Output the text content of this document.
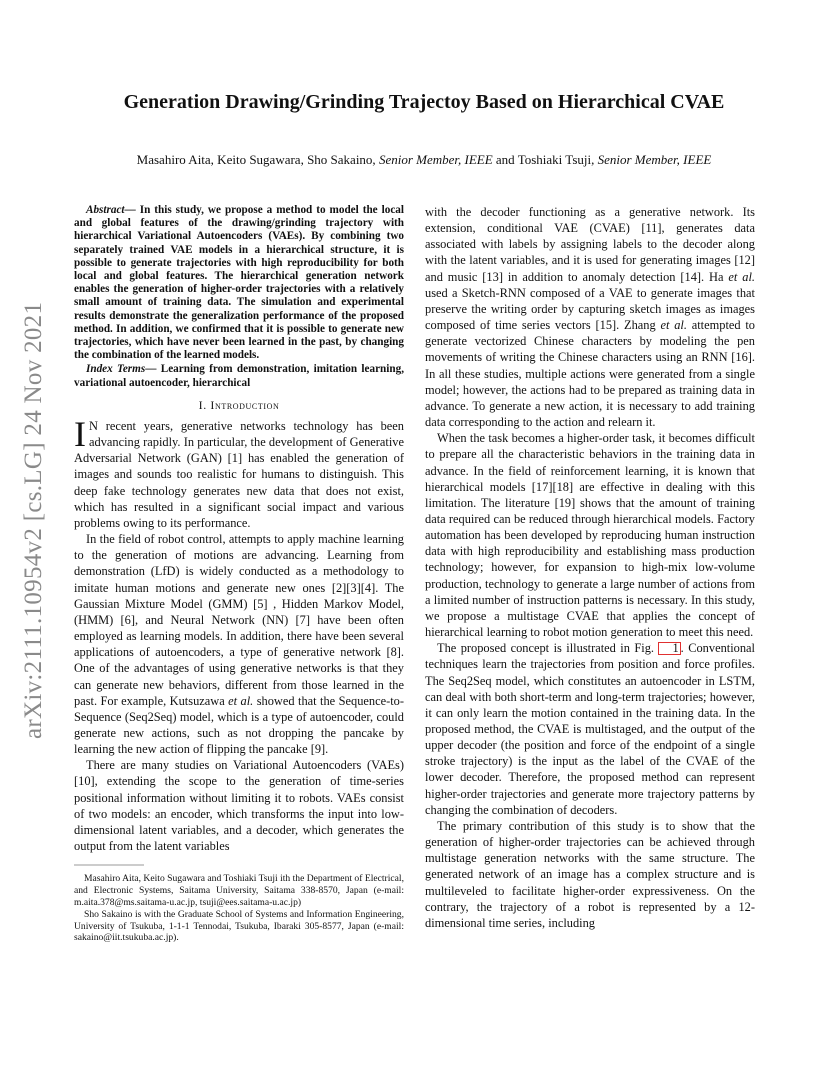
arXiv:2111.10954v2 [cs.LG] 24 Nov 2021
Generation Drawing/Grinding Trajectoy Based on Hierarchical CVAE
Masahiro Aita, Keito Sugawara, Sho Sakaino, Senior Member, IEEE and Toshiaki Tsuji, Senior Member, IEEE
Abstract— In this study, we propose a method to model the local and global features of the drawing/grinding trajectory with hierarchical Variational Autoencoders (VAEs). By combining two separately trained VAE models in a hierarchical structure, it is possible to generate trajectories with high reproducibility for both local and global features. The hierarchical generation network enables the generation of higher-order trajectories with a relatively small amount of training data. The simulation and experimental results demonstrate the generalization performance of the proposed method. In addition, we confirmed that it is possible to generate new trajectories, which have never been learned in the past, by changing the combination of the learned models.
Index Terms— Learning from demonstration, imitation learning, variational autoencoder, hierarchical
I. Introduction

I N recent years, generative networks technology has been advancing rapidly. In particular, the development of Generative Adversarial Network (GAN) [1] has enabled the generation of images and sounds too realistic for humans to distinguish. This deep fake technology generates new data that does not exist, which has resulted in a significant social impact and various problems owing to its performance.

In the field of robot control, attempts to apply machine learning to the generation of motions are advancing. Learning from demonstration (LfD) is widely conducted as a methodology to imitate human motions and generate new ones [2][3][4]. The Gaussian Mixture Model (GMM) [5] , Hidden Markov Model, (HMM) [6], and Neural Network (NN) [7] have been often employed as learning models. In addition, there have been several applications of autoencoders, a type of generative network [8]. One of the advantages of using generative networks is that they can generate new behaviors, different from those learned in the past. For example, Kutsuzawa et al. showed that the Sequence-to-Sequence (Seq2Seq) model, which is a type of autoencoder, could generate new actions, such as not dropping the pancake by learning the new action of flipping the pancake [9].

There are many studies on Variational Autoencoders (VAEs) [10], extending the scope to the generation of time-series positional information without limiting it to robots. VAEs consist of two models: an encoder, which transforms the input into low-dimensional latent variables, and a decoder, which generates the output from the latent variables

Masahiro Aita, Keito Sugawara and Toshiaki Tsuji ith the Department of Electrical, and Electronic Systems, Saitama University, Saitama 338-8570, Japan (e-mail: m.aita.378@ms.saitama-u.ac.jp, tsuji@ees.saitama-u.ac.jp)

Sho Sakaino is with the Graduate School of Systems and Information Engineering, University of Tsukuba, 1-1-1 Tennodai, Tsukuba, Ibaraki 305-8577, Japan (e-mail: sakaino@iit.tsukuba.ac.jp).

with the decoder functioning as a generative network. Its extension, conditional VAE (CVAE) [11], generates data associated with labels by assigning labels to the decoder along with the latent variables, and it is used for generating images [12] and music [13] in addition to anomaly detection [14]. Ha et al. used a Sketch-RNN composed of a VAE to generate images that preserve the writing order by capturing sketch images as images composed of time series vectors [15]. Zhang et al. attempted to generate vectorized Chinese characters by modeling the pen movements of writing the Chinese characters using an RNN [16]. In all these studies, multiple actions were generated from a single model; however, the actions had to be prepared as training data in advance. To generate a new action, it is necessary to add training data corresponding to the action and relearn it.

When the task becomes a higher-order task, it becomes difficult to prepare all the characteristic behaviors in the training data in advance. In the field of reinforcement learning, it is known that hierarchical models [17][18] are effective in dealing with this limitation. The literature [19] shows that the amount of training data required can be reduced through hierarchical models. Factory automation has been developed by reproducing human instruction data with high reproducibility and establishing mass production technology; however, for expansion to high-mix low-volume production, technology to generate a large number of actions from a limited number of instruction patterns is necessary. In this study, we propose a multistage CVAE that applies the concept of hierarchical learning to robot motion generation to meet this need.

The proposed concept is illustrated in Fig. 1 . Conventional techniques learn the trajectories from position and force profiles. The Seq2Seq model, which constitutes an autoencoder in LSTM, can deal with both short-term and long-term trajectories; however, it can only learn the motion contained in the training data. In the proposed method, the CVAE is multistaged, and the output of the upper decoder (the position and force of the endpoint of a single stroke trajectory) is the input as the label of the CVAE of the lower decoder. Therefore, the proposed method can represent higher-order trajectories and generate more trajectory patterns by changing the combination of decoders.

The primary contribution of this study is to show that the generation of higher-order trajectories can be achieved through multistage generation networks with the same structure. The generated network of an image has a complex structure and is multileveled to facilitate higher-order expressiveness. On the contrary, the trajectory of a robot is represented by a 12-dimensional time series, including
